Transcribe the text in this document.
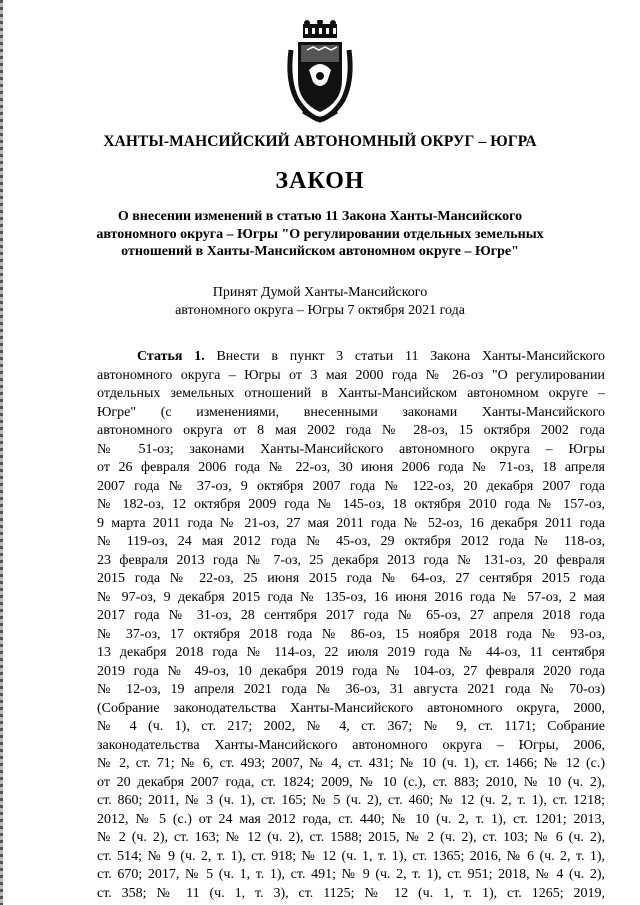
ХАНТЫ-МАНСИЙСКИЙ АВТОНОМНЫЙ ОКРУГ – ЮГРА
ЗАКОН
О внесении изменений в статью 11 Закона Ханты-Мансийского
автономного округа – Югры "О регулировании отдельных земельных
отношений в Ханты-Мансийском автономном округе – Югре"
Принят Думой Ханты-Мансийского
автономного округа – Югры 7 октября 2021 года
Статья 1. Внести в пункт 3 статьи 11 Закона Ханты-Мансийского
автономного округа – Югры от 3 мая 2000 года № 26-оз "О регулировании
отдельных земельных отношений в Ханты-Мансийском автономном округе –
Югре" (с изменениями, внесенными законами Ханты-Мансийского
автономного округа от 8 мая 2002 года № 28-оз, 15 октября 2002 года
№ 51-оз; законами Ханты-Мансийского автономного округа – Югры
от 26 февраля 2006 года № 22-оз, 30 июня 2006 года № 71-оз, 18 апреля
2007 года № 37-оз, 9 октября 2007 года № 122-оз, 20 декабря 2007 года
№ 182-оз, 12 октября 2009 года № 145-оз, 18 октября 2010 года № 157-оз,
9 марта 2011 года № 21-оз, 27 мая 2011 года № 52-оз, 16 декабря 2011 года
№ 119-оз, 24 мая 2012 года № 45-оз, 29 октября 2012 года № 118-оз,
23 февраля 2013 года № 7-оз, 25 декабря 2013 года № 131-оз, 20 февраля
2015 года № 22-оз, 25 июня 2015 года № 64-оз, 27 сентября 2015 года
№ 97-оз, 9 декабря 2015 года № 135-оз, 16 июня 2016 года № 57-оз, 2 мая
2017 года № 31-оз, 28 сентября 2017 года № 65-оз, 27 апреля 2018 года
№ 37-оз, 17 октября 2018 года № 86-оз, 15 ноября 2018 года № 93-оз,
13 декабря 2018 года № 114-оз, 22 июля 2019 года № 44-оз, 11 сентября
2019 года № 49-оз, 10 декабря 2019 года № 104-оз, 27 февраля 2020 года
№ 12-оз, 19 апреля 2021 года № 36-оз, 31 августа 2021 года № 70-оз)
(Собрание законодательства Ханты-Мансийского автономного округа, 2000,
№ 4 (ч. 1), ст. 217; 2002, № 4, ст. 367; № 9, ст. 1171; Собрание
законодательства Ханты-Мансийского автономного округа – Югры, 2006,
№ 2, ст. 71; № 6, ст. 493; 2007, № 4, ст. 431; № 10 (ч. 1), ст. 1466; № 12 (с.)
от 20 декабря 2007 года, ст. 1824; 2009, № 10 (с.), ст. 883; 2010, № 10 (ч. 2),
ст. 860; 2011, № 3 (ч. 1), ст. 165; № 5 (ч. 2), ст. 460; № 12 (ч. 2, т. 1), ст. 1218;
2012, № 5 (с.) от 24 мая 2012 года, ст. 440; № 10 (ч. 2, т. 1), ст. 1201; 2013,
№ 2 (ч. 2), ст. 163; № 12 (ч. 2), ст. 1588; 2015, № 2 (ч. 2), ст. 103; № 6 (ч. 2),
ст. 514; № 9 (ч. 2, т. 1), ст. 918; № 12 (ч. 1, т. 1), ст. 1365; 2016, № 6 (ч. 2, т. 1),
ст. 670; 2017, № 5 (ч. 1, т. 1), ст. 491; № 9 (ч. 2, т. 1), ст. 951; 2018, № 4 (ч. 2),
ст. 358; № 11 (ч. 1, т. 3), ст. 1125; № 12 (ч. 1, т. 1), ст. 1265; 2019,
